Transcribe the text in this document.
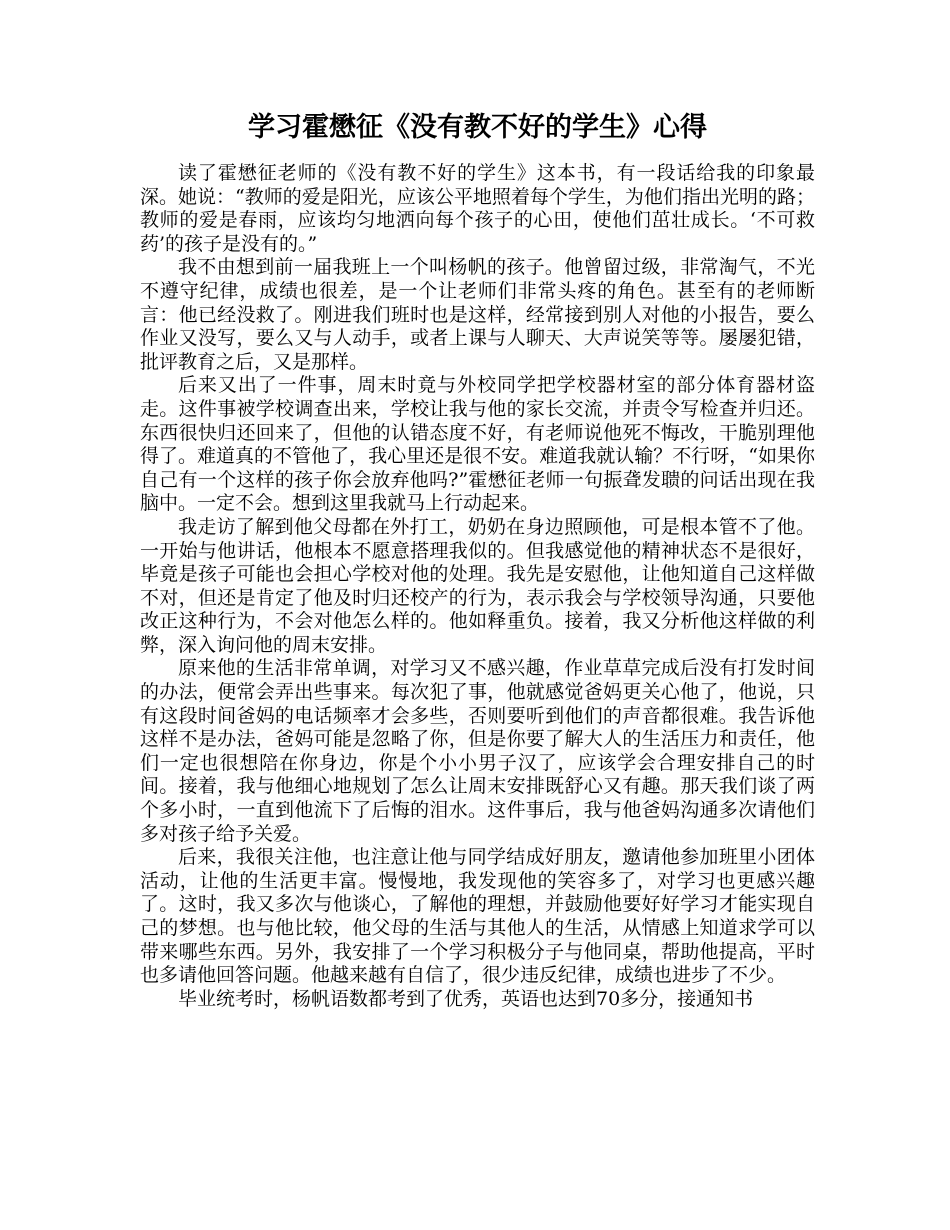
学习霍懋征《没有教不好的学生》心得

读了霍懋征老师的《没有教不好的学生》这本书，有一段话给我的印象最深。她说：“教师的爱是阳光，应该公平地照着每个学生，为他们指出光明的路；教师的爱是春雨，应该均匀地洒向每个孩子的心田，使他们茁壮成长。‘不可救药’的孩子是没有的。”

我不由想到前一届我班上一个叫杨帆的孩子。他曾留过级，非常淘气，不光不遵守纪律，成绩也很差，是一个让老师们非常头疼的角色。甚至有的老师断言：他已经没救了。刚进我们班时也是这样，经常接到别人对他的小报告，要么作业又没写，要么又与人动手，或者上课与人聊天、大声说笑等等。屡屡犯错，批评教育之后，又是那样。

后来又出了一件事，周末时竟与外校同学把学校器材室的部分体育器材盗走。这件事被学校调查出来，学校让我与他的家长交流，并责令写检查并归还。东西很快归还回来了，但他的认错态度不好，有老师说他死不悔改，干脆别理他得了。难道真的不管他了，我心里还是很不安。难道我就认输？不行呀，“如果你自己有一个这样的孩子你会放弃他吗?”霍懋征老师一句振聋发聩的问话出现在我脑中。一定不会。想到这里我就马上行动起来。

我走访了解到他父母都在外打工，奶奶在身边照顾他，可是根本管不了他。一开始与他讲话，他根本不愿意搭理我似的。但我感觉他的精神状态不是很好，毕竟是孩子可能也会担心学校对他的处理。我先是安慰他，让他知道自己这样做不对，但还是肯定了他及时归还校产的行为，表示我会与学校领导沟通，只要他改正这种行为，不会对他怎么样的。他如释重负。接着，我又分析他这样做的利弊，深入询问他的周末安排。

原来他的生活非常单调，对学习又不感兴趣，作业草草完成后没有打发时间的办法，便常会弄出些事来。每次犯了事，他就感觉爸妈更关心他了，他说，只有这段时间爸妈的电话频率才会多些，否则要听到他们的声音都很难。我告诉他这样不是办法，爸妈可能是忽略了你，但是你要了解大人的生活压力和责任，他们一定也很想陪在你身边，你是个小小男子汉了，应该学会合理安排自己的时间。接着，我与他细心地规划了怎么让周末安排既舒心又有趣。那天我们谈了两个多小时，一直到他流下了后悔的泪水。这件事后，我与他爸妈沟通多次请他们多对孩子给予关爱。

后来，我很关注他，也注意让他与同学结成好朋友，邀请他参加班里小团体活动，让他的生活更丰富。慢慢地，我发现他的笑容多了，对学习也更感兴趣了。这时，我又多次与他谈心，了解他的理想，并鼓励他要好好学习才能实现自己的梦想。也与他比较，他父母的生活与其他人的生活，从情感上知道求学可以带来哪些东西。另外，我安排了一个学习积极分子与他同桌，帮助他提高，平时也多请他回答问题。他越来越有自信了，很少违反纪律，成绩也进步了不少。

毕业统考时，杨帆语数都考到了优秀，英语也达到70多分，接通知书
